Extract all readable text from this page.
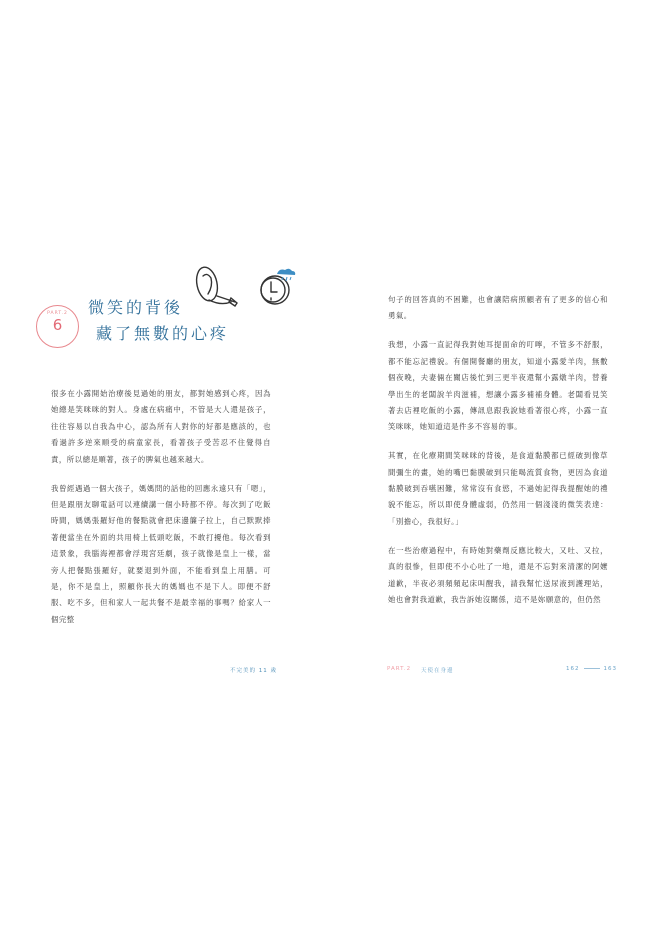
PART.2
6
微笑的背後
藏了無數的心疼

很多在小露開始治療後見過她的朋友，都對她感到心疼，因為她總是笑咪咪的對人。身處在病痛中，不管是大人還是孩子，往往容易以自我為中心，認為所有人對你的好都是應該的，也看過許多逆來順受的病童家長，看著孩子受苦忍不住覺得自責，所以總是順著，孩子的脾氣也越來越大。

我曾經遇過一個大孩子，媽媽問的話他的回應永遠只有「嗯」，但是跟朋友聊電話可以連續講一個小時都不停。每次到了吃飯時間，媽媽張羅好他的餐點就會把床邊簾子拉上，自己默默捧著便當坐在外面的共用椅上低頭吃飯，不敢打擾他。每次看到這景象，我腦海裡都會浮現宮廷劇，孩子就像是皇上一樣，當旁人把餐點張羅好，就要退到外面，不能看到皇上用膳。可是，你不是皇上，照顧你長大的媽媽也不是下人。即便不舒服、吃不多，但和家人一起共餐不是最幸福的事嗎？給家人一個完整

句子的回答真的不困難，也會讓陪病照顧者有了更多的信心和勇氣。

我想，小露一直記得我對她耳提面命的叮嚀，不管多不舒服，都不能忘記禮貌。有個開餐廳的朋友，知道小露愛羊肉，無數個夜晚，夫妻倆在關店後忙到三更半夜還幫小露燉羊肉，替養學出生的老闆說羊肉滋補，想讓小露多補補身體。老闆看見笑著去店裡吃飯的小露，傳訊息跟我說她看著很心疼，小露一直笑咪咪，她知道這是件多不容易的事。

其實，在化療期間笑咪咪的背後，是食道黏膜都已經破到像草間彌生的畫，她的嘴巴黏膜破到只能喝流質食物，更因為食道黏膜破到吞嚥困難，常常沒有食慾，不過她記得我提醒她的禮貌不能忘，所以即使身體虛弱，仍然用一個淺淺的微笑表達：「別擔心，我很好。」

在一些治療過程中，有時她對藥劑反應比較大，又吐、又拉，真的很慘，但即使不小心吐了一地，還是不忘對來清潔的阿嬤道歉，半夜必須頻頻起床叫醒我，請我幫忙送尿液到護理站，她也會對我道歉，我告訴她沒關係，這不是妳願意的，但仍然

不完美的 11 歲	PART.2 天使在身邊	162	163
